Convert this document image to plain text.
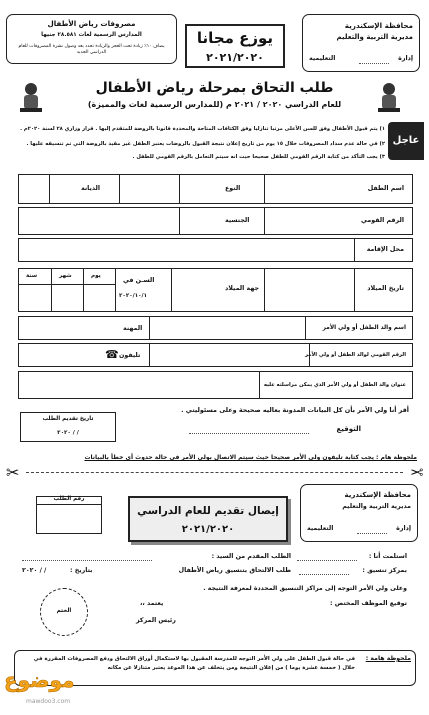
محافظة الإسكندرية
مديرية التربية والتعليم
إدارة
التعليمية
يوزع مجانا
٢٠٢١/٢٠٢٠
مصروفات رياض الأطفال
المدارس الرسمية لغات ٢٨.٥٨١ جنيها
يضاف ١٠٪ زيادة تحت العجز والزيادة تحدد بعد وصول نشرة المصروفات للعام الدراسي الجديد
طلب التحاق بمرحلة رياض الأطفال
للعام الدراسي ٢٠٢٠ / ٢٠٢١ م (للمدارس الرسمية لغات والمميزة)
عاجل
١) يتم قبول الأطفال وفق للسن الأعلى مرتبا تنازليا وفق الكثافات المتاحة والمحددة قانونا بالروضة للمتقدم إليها . قرار وزاري ٢٨ لسنة ٢٠٢٠م .
٢) في حالة عدم سداد المصروفات خلال ١٥ يوم من تاريخ إعلان نتيجة القبول بالروضات يعتبر الطفل غير مقيد بالروضة التي تم تنسيقه عليها .
٣) يجب التأكد من كتابة الرقم القومي للطفل صحيحا حيث انه سيتم التعامل بالرقم القومي للطفل .
اسم الطفل
النوع
الديانة
الرقم القومي
الجنسية
محل الإقامة
تاريخ الميلاد
جهة الميلاد
السـن في
٢٠٢٠/١٠/١
يوم
شهر
سنة
اسم والد الطفل أو ولي الأمر
المهنة
الرقم القومي لوالد الطفل أو ولي الأمر
تليفون
☎
عنوان والد الطفل أو ولي الأمر الذي يمكن مراسلته عليه
أقر أنا ولي الأمر بأن كل البيانات المدونة بعاليه صحيحة وعلى مسئوليتي .
التوقيع
تاريخ تقديم الطلب
/ / ٢٠٢٠
ملحوظة هام : يجب كتابة تليفون ولي الأمر صحيحا حيث سيتم الاتصال بولي الأمر في حالة حدوث أي خطأ بالبيانات
✂	✂
محافظة الإسكندرية
مديرية التربية والتعليم
إدارة
التعليمية
إيصال تقديم للعام الدراسي
٢٠٢١/٢٠٢٠
رقم الطلب
استلمت أنا :
الطلب المقدم من السيد :
بمركز تنسيق :
طلب الالتحاق بتنسيق رياض الأطفال
بتاريخ :
/ / ٢٠٢٠
وعلى ولي الأمر التوجه إلى مراكز التنسيق المحددة لمعرفة النتيجة .
توقيع الموظف المختص :
الختم
يعتمد ،،
رئيس المركز
ملحوظة هامة :
في حالة قبول الطفل على ولي الأمر التوجه للمدرسة المقبول بها لاستكمال أوراق الالتحاق ودفع المصروفات المقررة في خلال ( خمسة عشرة يوما ) من إعلان النتيجة ومن يتخلف عن هذا الموعد يعتبر متنازلا عن مكانه
موضوع
mawdoo3.com
